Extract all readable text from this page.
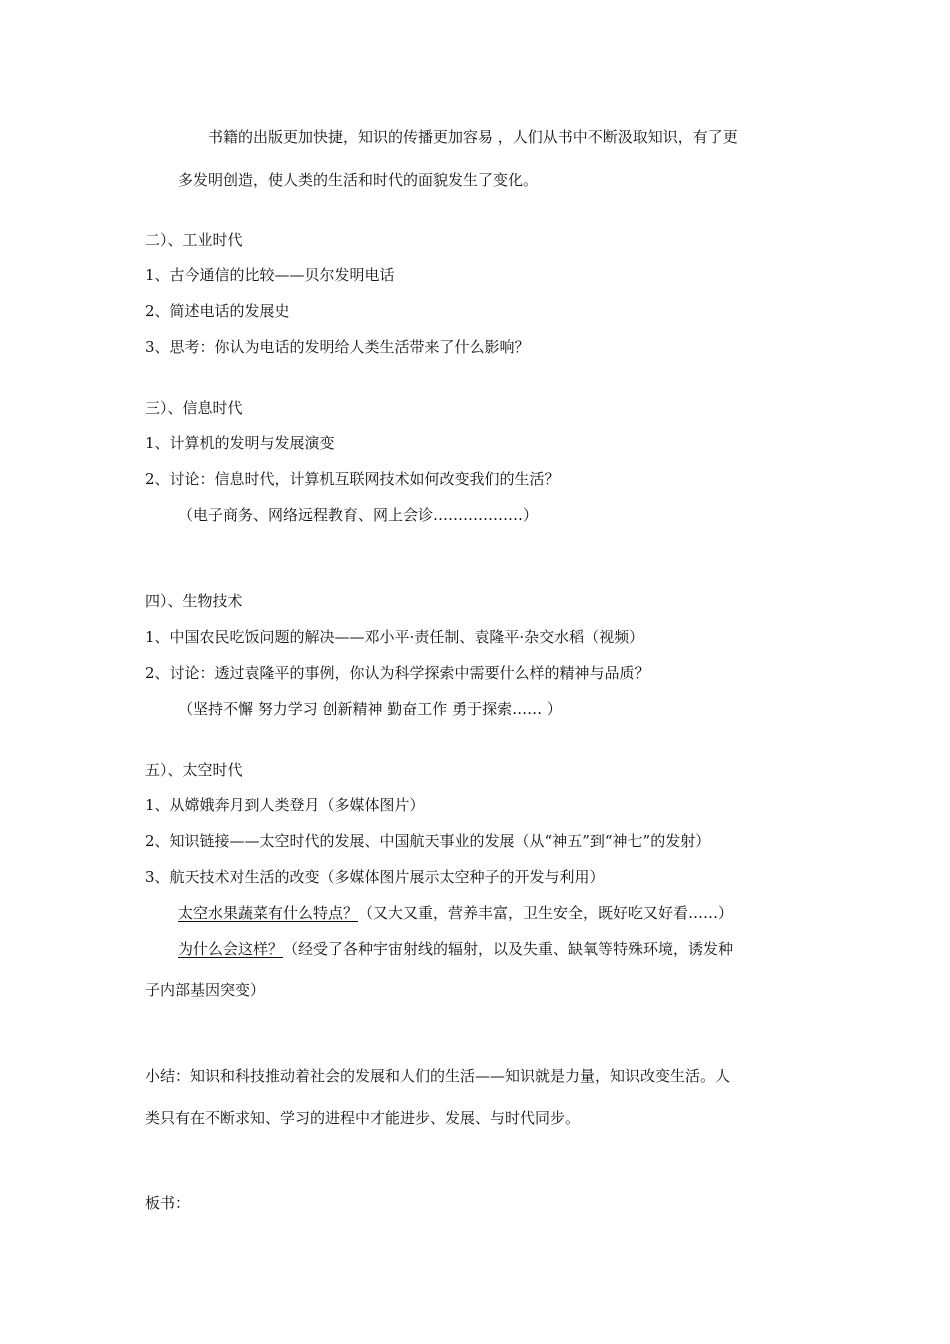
书籍的出版更加快捷，知识的传播更加容易 ，人们从书中不断汲取知识，有了更
多发明创造，使人类的生活和时代的面貌发生了变化。
二）、工业时代
1、古今通信的比较——贝尔发明电话
2、简述电话的发展史
3、思考：你认为电话的发明给人类生活带来了什么影响？
三）、信息时代
1、计算机的发明与发展演变
2、讨论：信息时代，计算机互联网技术如何改变我们的生活？
（电子商务、网络远程教育、网上会诊………………）
四）、生物技术
1、中国农民吃饭问题的解决——邓小平·责任制、袁隆平·杂交水稻（视频）
2、讨论：透过袁隆平的事例，你认为科学探索中需要什么样的精神与品质？
（坚持不懈 努力学习 创新精神 勤奋工作 勇于探索…… ）
五）、太空时代
1、从嫦娥奔月到人类登月（多媒体图片）
2、知识链接——太空时代的发展、中国航天事业的发展（从“神五”到“神七”的发射）
3、航天技术对生活的改变（多媒体图片展示太空种子的开发与利用）
太空水果蔬菜有什么特点？（又大又重，营养丰富，卫生安全，既好吃又好看……）
为什么会这样？（经受了各种宇宙射线的辐射，以及失重、缺氧等特殊环境，诱发种
子内部基因突变）
小结：知识和科技推动着社会的发展和人们的生活——知识就是力量，知识改变生活。人
类只有在不断求知、学习的进程中才能进步、发展、与时代同步。
板书：
